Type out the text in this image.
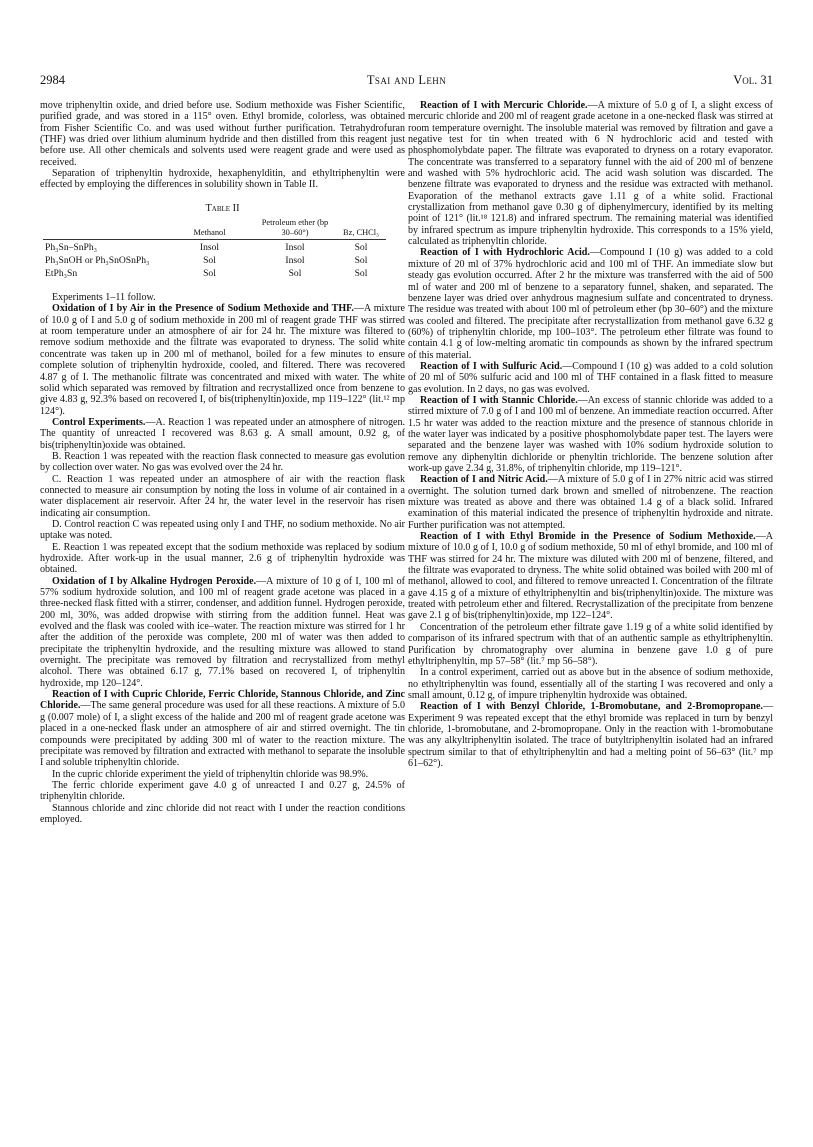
2984	Tsai and Lehn	Vol. 31

move triphenyltin oxide, and dried before use. Sodium methoxide was Fisher Scientific, purified grade, and was stored in a 115° oven. Ethyl bromide, colorless, was obtained from Fisher Scientific Co. and was used without further purification. Tetrahydrofuran (THF) was dried over lithium aluminum hydride and then distilled from this reagent just before use. All other chemicals and solvents used were reagent grade and were used as received.

Separation of triphenyltin hydroxide, hexaphenylditin, and ethyltriphenyltin were effected by employing the differences in solubility shown in Table II.

Table II
	Methanol	Petroleum ether (bp 30–60°)	Bz, CHCl₃
Ph₃Sn–SnPh₃	Insol	Insol	Sol
Ph₃SnOH or Ph₃SnOSnPh₃	Sol	Insol	Sol
EtPh₃Sn	Sol	Sol	Sol

Experiments 1–11 follow.

Oxidation of I by Air in the Presence of Sodium Methoxide and THF.—A mixture of 10.0 g of I and 5.0 g of sodium methoxide in 200 ml of reagent grade THF was stirred at room temperature under an atmosphere of air for 24 hr. The mixture was filtered to remove sodium methoxide and the filtrate was evaporated to dryness. The solid white concentrate was taken up in 200 ml of methanol, boiled for a few minutes to ensure complete solution of triphenyltin hydroxide, cooled, and filtered. There was recovered 4.87 g of I. The methanolic filtrate was concentrated and mixed with water. The white solid which separated was removed by filtration and recrystallized once from benzene to give 4.83 g, 92.3% based on recovered I, of bis(triphenyltin)oxide, mp 119–122° (lit.¹² mp 124°).

Control Experiments.—A. Reaction 1 was repeated under an atmosphere of nitrogen. The quantity of unreacted I recovered was 8.63 g. A small amount, 0.92 g, of bis(triphenyltin)oxide was obtained.

B. Reaction 1 was repeated with the reaction flask connected to measure gas evolution by collection over water. No gas was evolved over the 24 hr.

C. Reaction 1 was repeated under an atmosphere of air with the reaction flask connected to measure air consumption by noting the loss in volume of air contained in a water displacement air reservoir. After 24 hr, the water level in the reservoir has risen indicating air consumption.

D. Control reaction C was repeated using only I and THF, no sodium methoxide. No air uptake was noted.

E. Reaction 1 was repeated except that the sodium methoxide was replaced by sodium hydroxide. After work-up in the usual manner, 2.6 g of triphenyltin hydroxide was obtained.

Oxidation of I by Alkaline Hydrogen Peroxide.—A mixture of 10 g of I, 100 ml of 57% sodium hydroxide solution, and 100 ml of reagent grade acetone was placed in a three-necked flask fitted with a stirrer, condenser, and addition funnel. Hydrogen peroxide, 200 ml, 30%, was added dropwise with stirring from the addition funnel. Heat was evolved and the flask was cooled with ice–water. The reaction mixture was stirred for 1 hr after the addition of the peroxide was complete, 200 ml of water was then added to precipitate the triphenyltin hydroxide, and the resulting mixture was allowed to stand overnight. The precipitate was removed by filtration and recrystallized from methyl alcohol. There was obtained 6.17 g, 77.1% based on recovered I, of triphenyltin hydroxide, mp 120–124°.

Reaction of I with Cupric Chloride, Ferric Chloride, Stannous Chloride, and Zinc Chloride.—The same general procedure was used for all these reactions. A mixture of 5.0 g (0.007 mole) of I, a slight excess of the halide and 200 ml of reagent grade acetone was placed in a one-necked flask under an atmosphere of air and stirred overnight. The tin compounds were precipitated by adding 300 ml of water to the reaction mixture. The precipitate was removed by filtration and extracted with methanol to separate the insoluble I and soluble triphenyltin chloride.

In the cupric chloride experiment the yield of triphenyltin chloride was 98.9%.

The ferric chloride experiment gave 4.0 g of unreacted I and 0.27 g, 24.5% of triphenyltin chloride.

Stannous chloride and zinc chloride did not react with I under the reaction conditions employed.

Reaction of I with Mercuric Chloride.—A mixture of 5.0 g of I, a slight excess of mercuric chloride and 200 ml of reagent grade acetone in a one-necked flask was stirred at room temperature overnight. The insoluble material was removed by filtration and gave a negative test for tin when treated with 6 N hydrochloric acid and tested with phosphomolybdate paper. The filtrate was evaporated to dryness on a rotary evaporator. The concentrate was transferred to a separatory funnel with the aid of 200 ml of benzene and washed with 5% hydrochloric acid. The acid wash solution was discarded. The benzene filtrate was evaporated to dryness and the residue was extracted with methanol. Evaporation of the methanol extracts gave 1.11 g of a white solid. Fractional crystallization from methanol gave 0.30 g of diphenylmercury, identified by its melting point of 121° (lit.¹⁸ 121.8) and infrared spectrum. The remaining material was identified by infrared spectrum as impure triphenyltin hydroxide. This corresponds to a 15% yield, calculated as triphenyltin chloride.

Reaction of I with Hydrochloric Acid.—Compound I (10 g) was added to a cold mixture of 20 ml of 37% hydrochloric acid and 100 ml of THF. An immediate slow but steady gas evolution occurred. After 2 hr the mixture was transferred with the aid of 500 ml of water and 200 ml of benzene to a separatory funnel, shaken, and separated. The benzene layer was dried over anhydrous magnesium sulfate and concentrated to dryness. The residue was treated with about 100 ml of petroleum ether (bp 30–60°) and the mixture was cooled and filtered. The precipitate after recrystallization from methanol gave 6.32 g (60%) of triphenyltin chloride, mp 100–103°. The petroleum ether filtrate was found to contain 4.1 g of low-melting aromatic tin compounds as shown by the infrared spectrum of this material.

Reaction of I with Sulfuric Acid.—Compound I (10 g) was added to a cold solution of 20 ml of 50% sulfuric acid and 100 ml of THF contained in a flask fitted to measure gas evolution. In 2 days, no gas was evolved.

Reaction of I with Stannic Chloride.—An excess of stannic chloride was added to a stirred mixture of 7.0 g of I and 100 ml of benzene. An immediate reaction occurred. After 1.5 hr water was added to the reaction mixture and the presence of stannous chloride in the water layer was indicated by a positive phosphomolybdate paper test. The layers were separated and the benzene layer was washed with 10% sodium hydroxide solution to remove any diphenyltin dichloride or phenyltin trichloride. The benzene solution after work-up gave 2.34 g, 31.8%, of triphenyltin chloride, mp 119–121°.

Reaction of I and Nitric Acid.—A mixture of 5.0 g of I in 27% nitric acid was stirred overnight. The solution turned dark brown and smelled of nitrobenzene. The reaction mixture was treated as above and there was obtained 1.4 g of a black solid. Infrared examination of this material indicated the presence of triphenyltin hydroxide and nitrate. Further purification was not attempted.

Reaction of I with Ethyl Bromide in the Presence of Sodium Methoxide.—A mixture of 10.0 g of I, 10.0 g of sodium methoxide, 50 ml of ethyl bromide, and 100 ml of THF was stirred for 24 hr. The mixture was diluted with 200 ml of benzene, filtered, and the filtrate was evaporated to dryness. The white solid obtained was boiled with 200 ml of methanol, allowed to cool, and filtered to remove unreacted I. Concentration of the filtrate gave 4.15 g of a mixture of ethyltriphenyltin and bis(triphenyltin)oxide. The mixture was treated with petroleum ether and filtered. Recrystallization of the precipitate from benzene gave 2.1 g of bis(triphenyltin)oxide, mp 122–124°.

Concentration of the petroleum ether filtrate gave 1.19 g of a white solid identified by comparison of its infrared spectrum with that of an authentic sample as ethyltriphenyltin. Purification by chromatography over alumina in benzene gave 1.0 g of pure ethyltriphenyltin, mp 57–58° (lit.⁷ mp 56–58°).

In a control experiment, carried out as above but in the absence of sodium methoxide, no ethyltriphenyltin was found, essentially all of the starting I was recovered and only a small amount, 0.12 g, of impure triphenyltin hydroxide was obtained.

Reaction of I with Benzyl Chloride, 1-Bromobutane, and 2-Bromopropane.—Experiment 9 was repeated except that the ethyl bromide was replaced in turn by benzyl chloride, 1-bromobutane, and 2-bromopropane. Only in the reaction with 1-bromobutane was any alkyltriphenyltin isolated. The trace of butyltriphenyltin isolated had an infrared spectrum similar to that of ethyltriphenyltin and had a melting point of 56–63° (lit.⁷ mp 61–62°).
